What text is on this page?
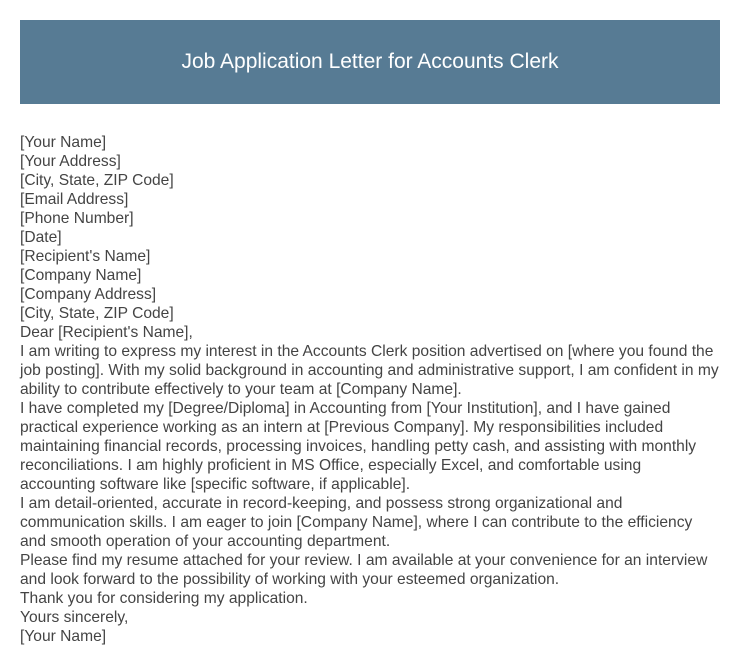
Job Application Letter for Accounts Clerk
[Your Name]
[Your Address]
[City, State, ZIP Code]
[Email Address]
[Phone Number]
[Date]
[Recipient's Name]
[Company Name]
[Company Address]
[City, State, ZIP Code]
Dear [Recipient's Name],

I am writing to express my interest in the Accounts Clerk position advertised on [where you found the job posting]. With my solid background in accounting and administrative support, I am confident in my ability to contribute effectively to your team at [Company Name].

I have completed my [Degree/Diploma] in Accounting from [Your Institution], and I have gained practical experience working as an intern at [Previous Company]. My responsibilities included maintaining financial records, processing invoices, handling petty cash, and assisting with monthly reconciliations. I am highly proficient in MS Office, especially Excel, and comfortable using accounting software like [specific software, if applicable].

I am detail-oriented, accurate in record-keeping, and possess strong organizational and communication skills. I am eager to join [Company Name], where I can contribute to the efficiency and smooth operation of your accounting department.

Please find my resume attached for your review. I am available at your convenience for an interview and look forward to the possibility of working with your esteemed organization.

Thank you for considering my application.

Yours sincerely,
[Your Name]
